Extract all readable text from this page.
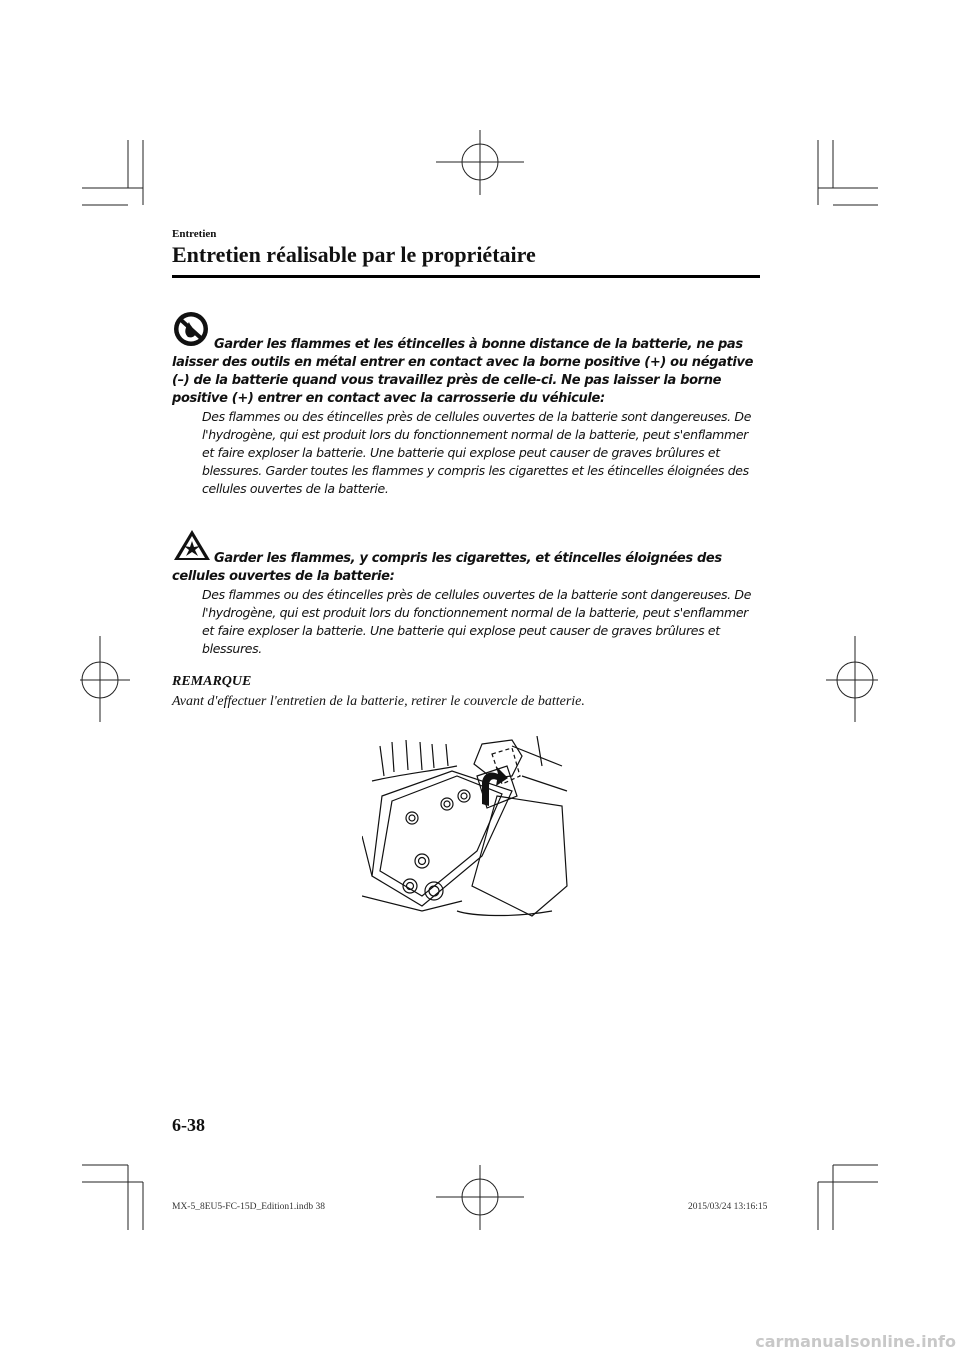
Entretien
Entretien réalisable par le propriétaire
Garder les flammes et les étincelles à bonne distance de la batterie, ne pas laisser des outils en métal entrer en contact avec la borne positive (+) ou négative (–) de la batterie quand vous travaillez près de celle-ci. Ne pas laisser la borne positive (+) entrer en contact avec la carrosserie du véhicule:
Des flammes ou des étincelles près de cellules ouvertes de la batterie sont dangereuses. De l'hydrogène, qui est produit lors du fonctionnement normal de la batterie, peut s'enflammer et faire exploser la batterie. Une batterie qui explose peut causer de graves brûlures et blessures. Garder toutes les flammes y compris les cigarettes et les étincelles éloignées des cellules ouvertes de la batterie.
Garder les flammes, y compris les cigarettes, et étincelles éloignées des cellules ouvertes de la batterie:
Des flammes ou des étincelles près de cellules ouvertes de la batterie sont dangereuses. De l'hydrogène, qui est produit lors du fonctionnement normal de la batterie, peut s'enflammer et faire exploser la batterie. Une batterie qui explose peut causer de graves brûlures et blessures.
REMARQUE
Avant d'effectuer l'entretien de la batterie, retirer le couvercle de batterie.
6-38
MX-5_8EU5-FC-15D_Edition1.indb 38	2015/03/24 13:16:15
carmanualsonline.info
